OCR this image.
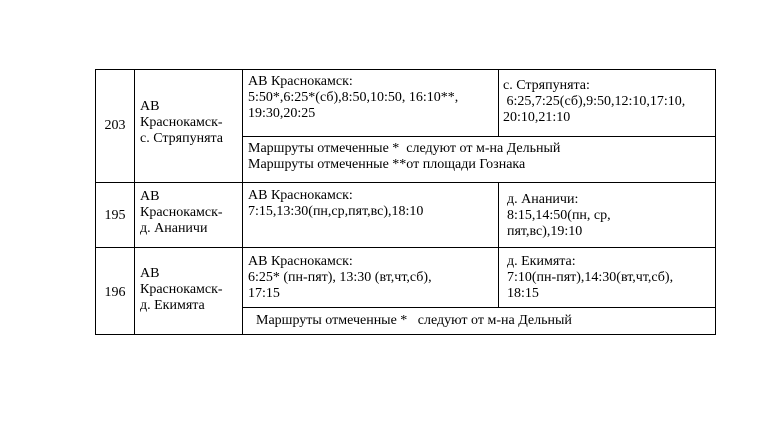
203
АВ
Краснокамск-
с. Стряпунята
АВ Краснокамск:
5:50*,6:25*(сб),8:50,10:50, 16:10**,
19:30,20:25
с. Стряпунята:
6:25,7:25(сб),9:50,12:10,17:10,
20:10,21:10
Маршруты отмеченные *  следуют от м-на Дельный
Маршруты отмеченные **от площади Гознака
195
АВ
Краснокамск-
д. Ананичи
АВ Краснокамск:
7:15,13:30(пн,ср,пят,вс),18:10
д. Ананичи:
8:15,14:50(пн, ср,
пят,вс),19:10
196
АВ
Краснокамск-
д. Екимята
АВ Краснокамск:
6:25* (пн-пят), 13:30 (вт,чт,сб),
17:15
д. Екимята:
7:10(пн-пят),14:30(вт,чт,сб),
18:15
Маршруты отмеченные *   следуют от м-на Дельный
